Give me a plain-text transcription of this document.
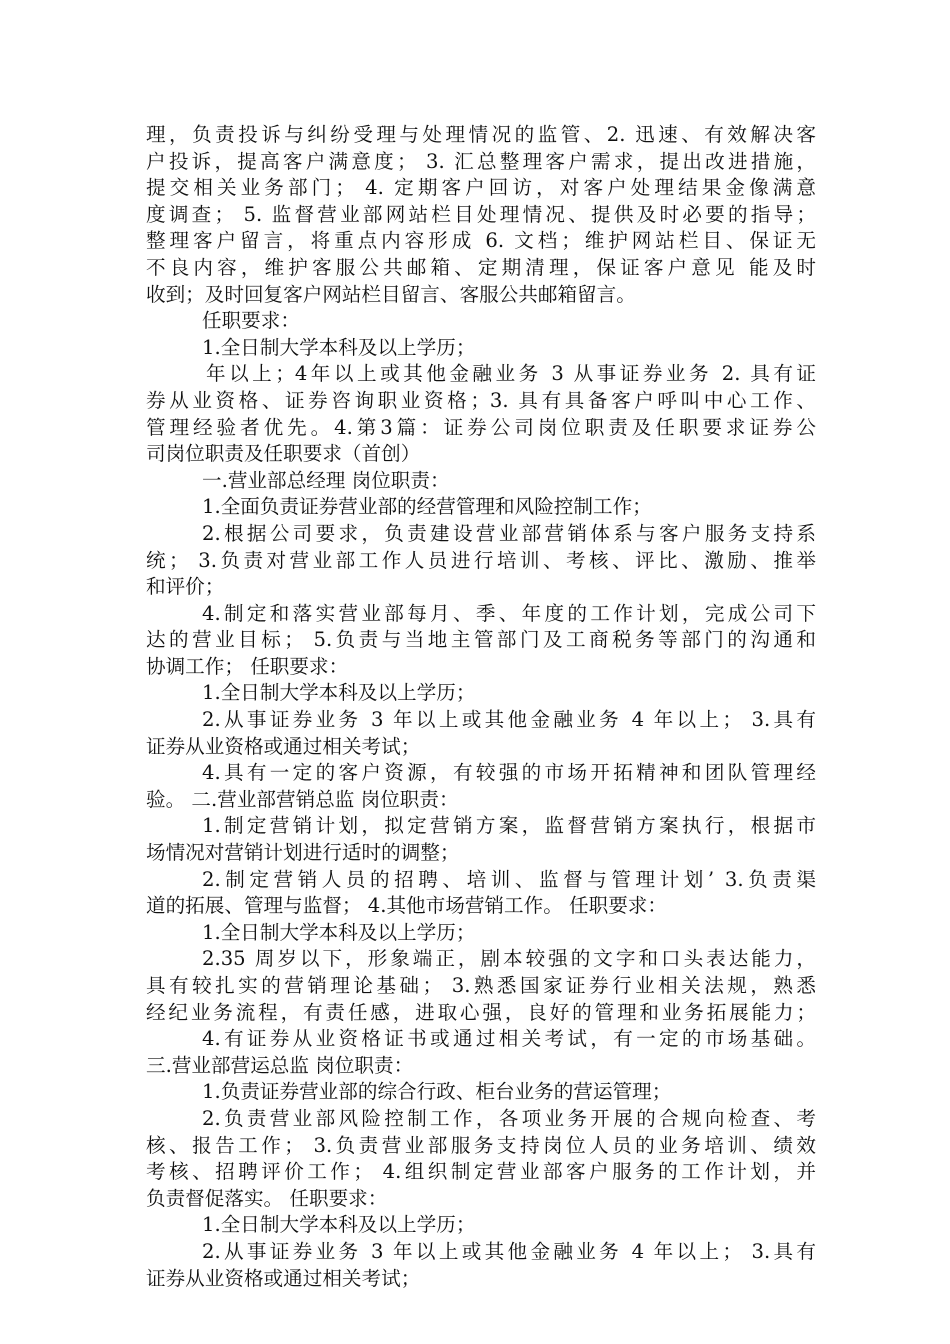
理，负责投诉与纠纷受理与处理情况的监管、2. 迅速、有效解决客
户投诉，提高客户满意度； 3. 汇总整理客户需求，提出改进措施，
提交相关业务部门； 4. 定期客户回访，对客户处理结果金像满意
度调查； 5. 监督营业部网站栏目处理情况、提供及时必要的指导；
整理客户留言，将重点内容形成 6. 文档；维护网站栏目、保证无
不良内容，维护客服公共邮箱、定期清理，保证客户意见 能及时
收到；及时回复客户网站栏目留言、客服公共邮箱留言。
任职要求：
1.全日制大学本科及以上学历；
年以上；4年以上或其他金融业务 3 从事证券业务 2. 具有证
券从业资格、证券咨询职业资格；3. 具有具备客户呼叫中心工作、
管理经验者优先。4.第3篇：证券公司岗位职责及任职要求证券公
司岗位职责及任职要求（首创）
一.营业部总经理 岗位职责：
1.全面负责证券营业部的经营管理和风险控制工作；
2.根据公司要求，负责建设营业部营销体系与客户服务支持系
统； 3.负责对营业部工作人员进行培训、考核、评比、激励、推举
和评价；
4.制定和落实营业部每月、季、年度的工作计划，完成公司下
达的营业目标； 5.负责与当地主管部门及工商税务等部门的沟通和
协调工作； 任职要求：
1.全日制大学本科及以上学历；
2.从事证券业务 3 年以上或其他金融业务 4 年以上； 3.具有
证券从业资格或通过相关考试；
4.具有一定的客户资源，有较强的市场开拓精神和团队管理经
验。 二.营业部营销总监 岗位职责：
1.制定营销计划，拟定营销方案，监督营销方案执行，根据市
场情况对营销计划进行适时的调整；
2.制定营销人员的招聘、培训、监督与管理计划’ 3.负责渠
道的拓展、管理与监督； 4.其他市场营销工作。 任职要求：
1.全日制大学本科及以上学历；
2.35 周岁以下，形象端正，剧本较强的文字和口头表达能力，
具有较扎实的营销理论基础； 3.熟悉国家证券行业相关法规，熟悉
经纪业务流程，有责任感，进取心强，良好的管理和业务拓展能力；
4.有证券从业资格证书或通过相关考试，有一定的市场基础。
三.营业部营运总监 岗位职责：
1.负责证券营业部的综合行政、柜台业务的营运管理；
2.负责营业部风险控制工作，各项业务开展的合规向检查、考
核、报告工作； 3.负责营业部服务支持岗位人员的业务培训、绩效
考核、招聘评价工作； 4.组织制定营业部客户服务的工作计划，并
负责督促落实。 任职要求：
1.全日制大学本科及以上学历；
2.从事证券业务 3 年以上或其他金融业务 4 年以上； 3.具有
证券从业资格或通过相关考试；
